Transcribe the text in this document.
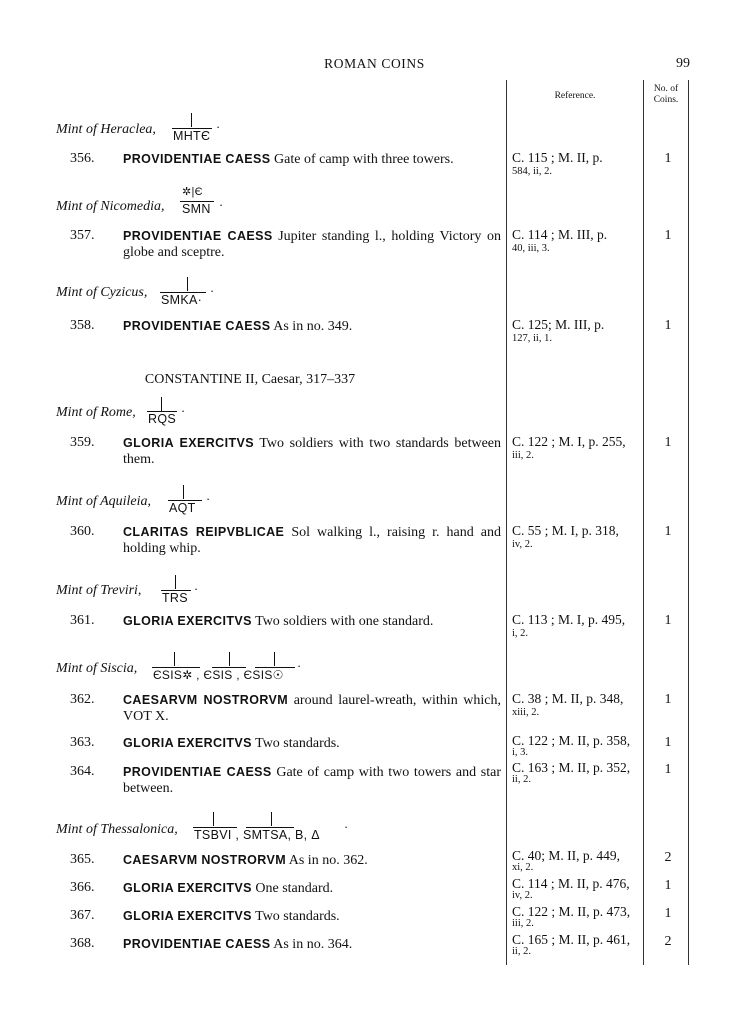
ROMAN COINS	99
Reference.
No. of
Coins.
Mint of Heraclea, MHTЄ
·
356. PROVIDENTIAE CAESS Gate of camp with three towers.	C. 115 ; M. II, p.
584, ii, 2.
1
Mint of Nicomedia,
✲|Є
SMN ·
357. PROVIDENTIAE CAESS Jupiter standing l., holding Victory on globe and sceptre.
C. 114 ; M. III, p.
40, iii, 3.
1
Mint of Cyzicus, SMKA·
·
358. PROVIDENTIAE CAESS As in no. 349.	C. 125; M. III, p.
127, ii, 1.
1
CONSTANTINE II, Caesar, 317–337
Mint of Rome, RQS
·
359. GLORIA EXERCITVS Two soldiers with two standards between them.
C. 122 ; M. I, p. 255,
iii, 2.
1
Mint of Aquileia, AQT
·
360. CLARITAS REIPVBLICAE Sol walking l., raising r. hand and holding whip.
C. 55 ; M. I, p. 318,
iv, 2.
1
Mint of Treviri, TRS
·
361. GLORIA EXERCITVS Two soldiers with one standard.	C. 113 ; M. I, p. 495,
i, 2.
1
Mint of Siscia, ЄSIS✲ , ЄSIS , ЄSIS☉
·
362. CAESARVM NOSTRORVM around laurel-wreath, within which, VOT X.
C. 38 ; M. II, p. 348,
xiii, 2.
1
363. GLORIA EXERCITVS Two standards.	C. 122 ; M. II, p. 358,
i, 3.
1
364. PROVIDENTIAE CAESS Gate of camp with two towers and star between.
C. 163 ; M. II, p. 352,
ii, 2.
1
Mint of Thessalonica, TSBVI , SMTSA, B, Δ
·
365. CAESARVM NOSTRORVM As in no. 362.	C. 40; M. II, p. 449,
xi, 2.
2
366. GLORIA EXERCITVS One standard.	C. 114 ; M. II, p. 476,
iv, 2.
1
367. GLORIA EXERCITVS Two standards.	C. 122 ; M. II, p. 473,
iii, 2.
1
368. PROVIDENTIAE CAESS As in no. 364.	C. 165 ; M. II, p. 461,
ii, 2.
2
